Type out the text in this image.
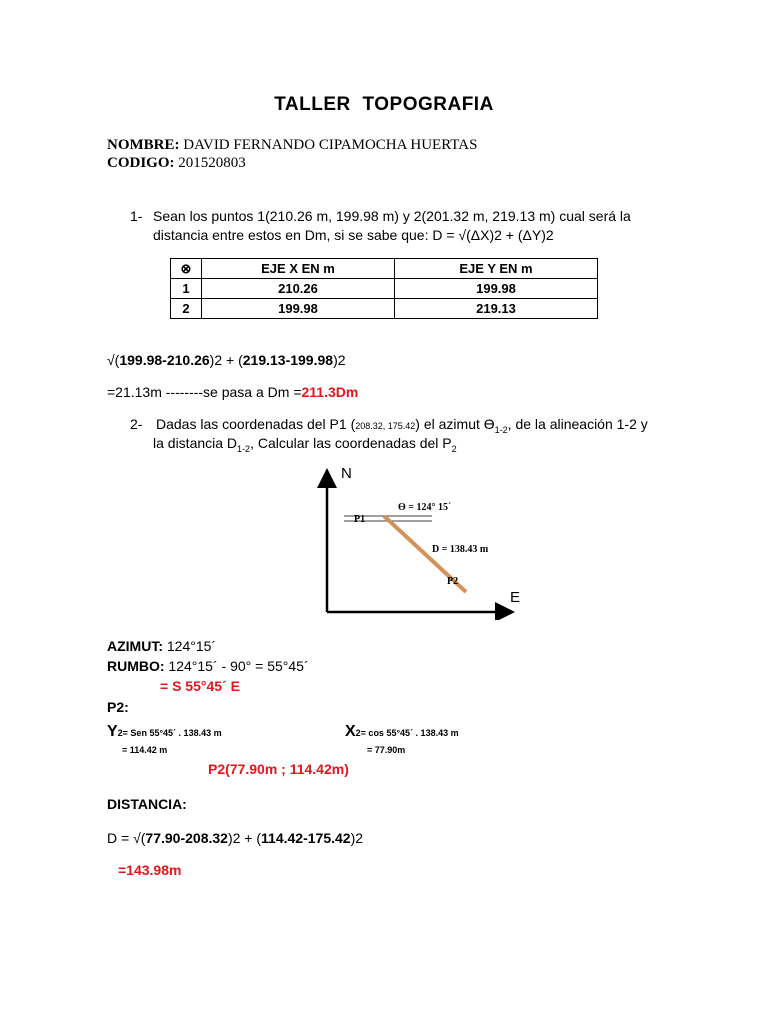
TALLER TOPOGRAFIA
NOMBRE: DAVID FERNANDO CIPAMOCHA HUERTAS
CODIGO: 201520803
1- Sean los puntos 1(210.26 m, 199.98 m) y 2(201.32 m, 219.13 m) cual será la
distancia entre estos en Dm, si se sabe que: D = √(ΔX)2 + (ΔY)2
⊗	EJE X EN m	EJE Y EN m
1	210.26	199.98
2	199.98	219.13
√(199.98-210.26)2 + (219.13-199.98)2
=21.13m --------se pasa a Dm =211.3Dm
2- Dadas las coordenadas del P1 (208.32, 175.42) el azimut $ϴ_{1-2}$, de la alineación 1-2 y
la distancia $D_{1-2}$, Calcular las coordenadas del $P_2$
N
E
ϴ = 124° 15´
P1
D = 138.43 m
P2
AZIMUT: 124°15´
RUMBO: 124°15´ - 90° = 55°45´
= S 55°45´ E
P2:
Y2= Sen 55°45´ . 138.43 m
= 114.42 m
X2= cos 55°45´ . 138.43 m
= 77.90m
P2(77.90m ; 114.42m)
DISTANCIA:
D = √(77.90-208.32)2 + (114.42-175.42)2
=143.98m
